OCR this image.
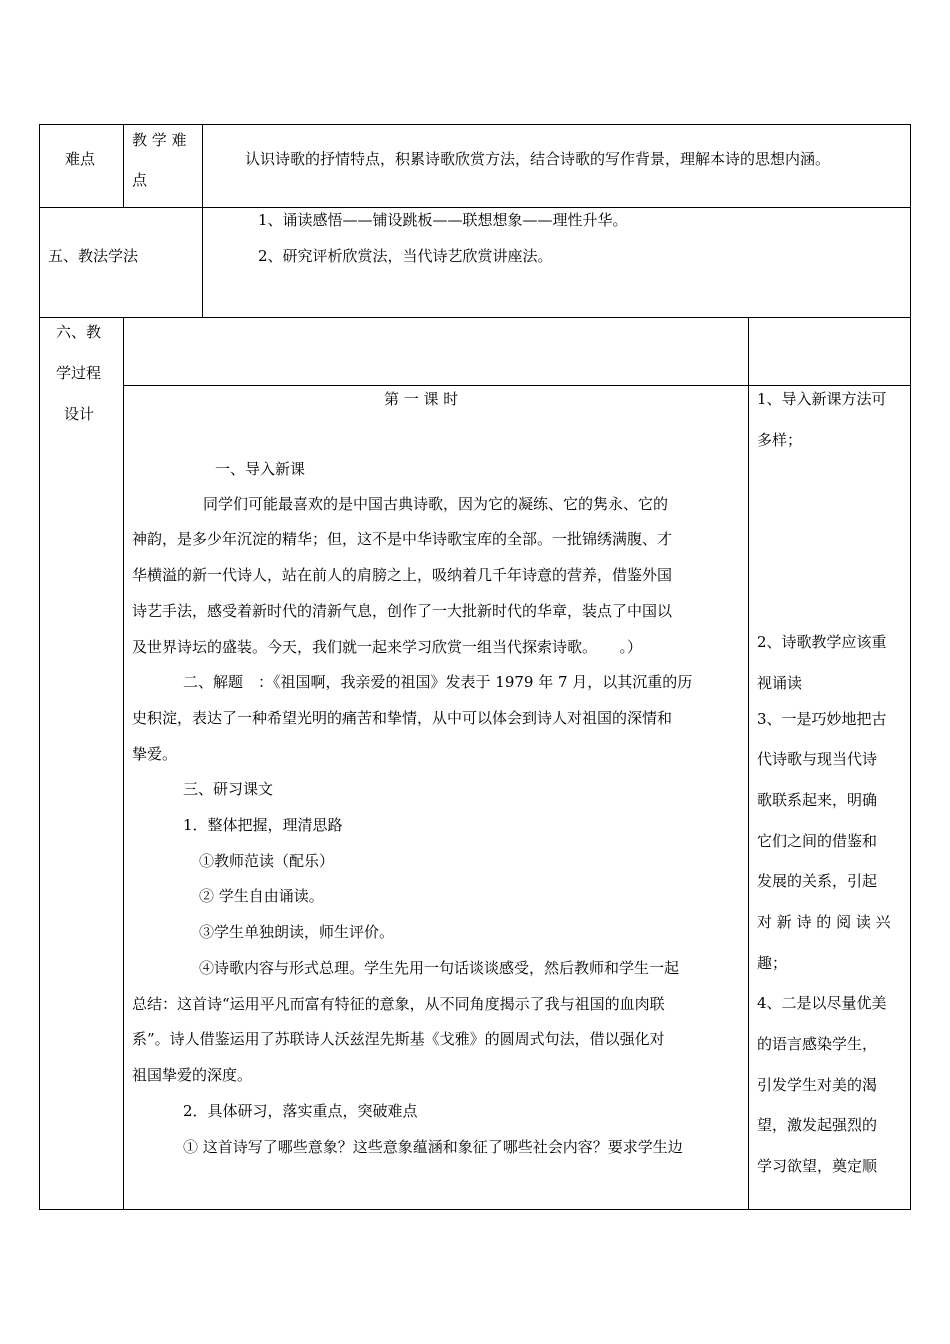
难点
教 学 难
点
认识诗歌的抒情特点，积累诗歌欣赏方法，结合诗歌的写作背景，理解本诗的思想内涵。
五、教法学法
1、诵读感悟——铺设跳板——联想想象——理性升华。
2、研究评析欣赏法，当代诗艺欣赏讲座法。
六、教
学过程
设计
第 一 课 时
一、导入新课
同学们可能最喜欢的是中国古典诗歌，因为它的凝练、它的隽永、它的
神韵，是多少年沉淀的精华；但，这不是中华诗歌宝库的全部。一批锦绣满腹、才
华横溢的新一代诗人，站在前人的肩膀之上，吸纳着几千年诗意的营养，借鉴外国
诗艺手法，感受着新时代的清新气息，创作了一大批新时代的华章，装点了中国以
及世界诗坛的盛装。今天，我们就一起来学习欣赏一组当代探索诗歌。　　。）
二、解题　：《祖国啊，我亲爱的祖国》发表于 1979 年 7 月，以其沉重的历
史积淀，表达了一种希望光明的痛苦和挚情，从中可以体会到诗人对祖国的深情和
挚爱。
三、研习课文
1．整体把握，理清思路
①教师范读（配乐）
② 学生自由诵读。
③学生单独朗读，师生评价。
④诗歌内容与形式总理。学生先用一句话谈谈感受，然后教师和学生一起
总结：这首诗“运用平凡而富有特征的意象，从不同角度揭示了我与祖国的血肉联
系”。诗人借鉴运用了苏联诗人沃兹涅先斯基《戈雅》的圆周式句法，借以强化对
祖国挚爱的深度。
2．具体研习，落实重点，突破难点
① 这首诗写了哪些意象？这些意象蕴涵和象征了哪些社会内容？要求学生边
1、导入新课方法可
多样；
2、诗歌教学应该重
视诵读
3、一是巧妙地把古
代诗歌与现当代诗
歌联系起来，明确
它们之间的借鉴和
发展的关系，引起
对 新 诗 的 阅 读 兴
趣；
4、二是以尽量优美
的语言感染学生，
引发学生对美的渴
望，激发起强烈的
学习欲望，奠定顺
